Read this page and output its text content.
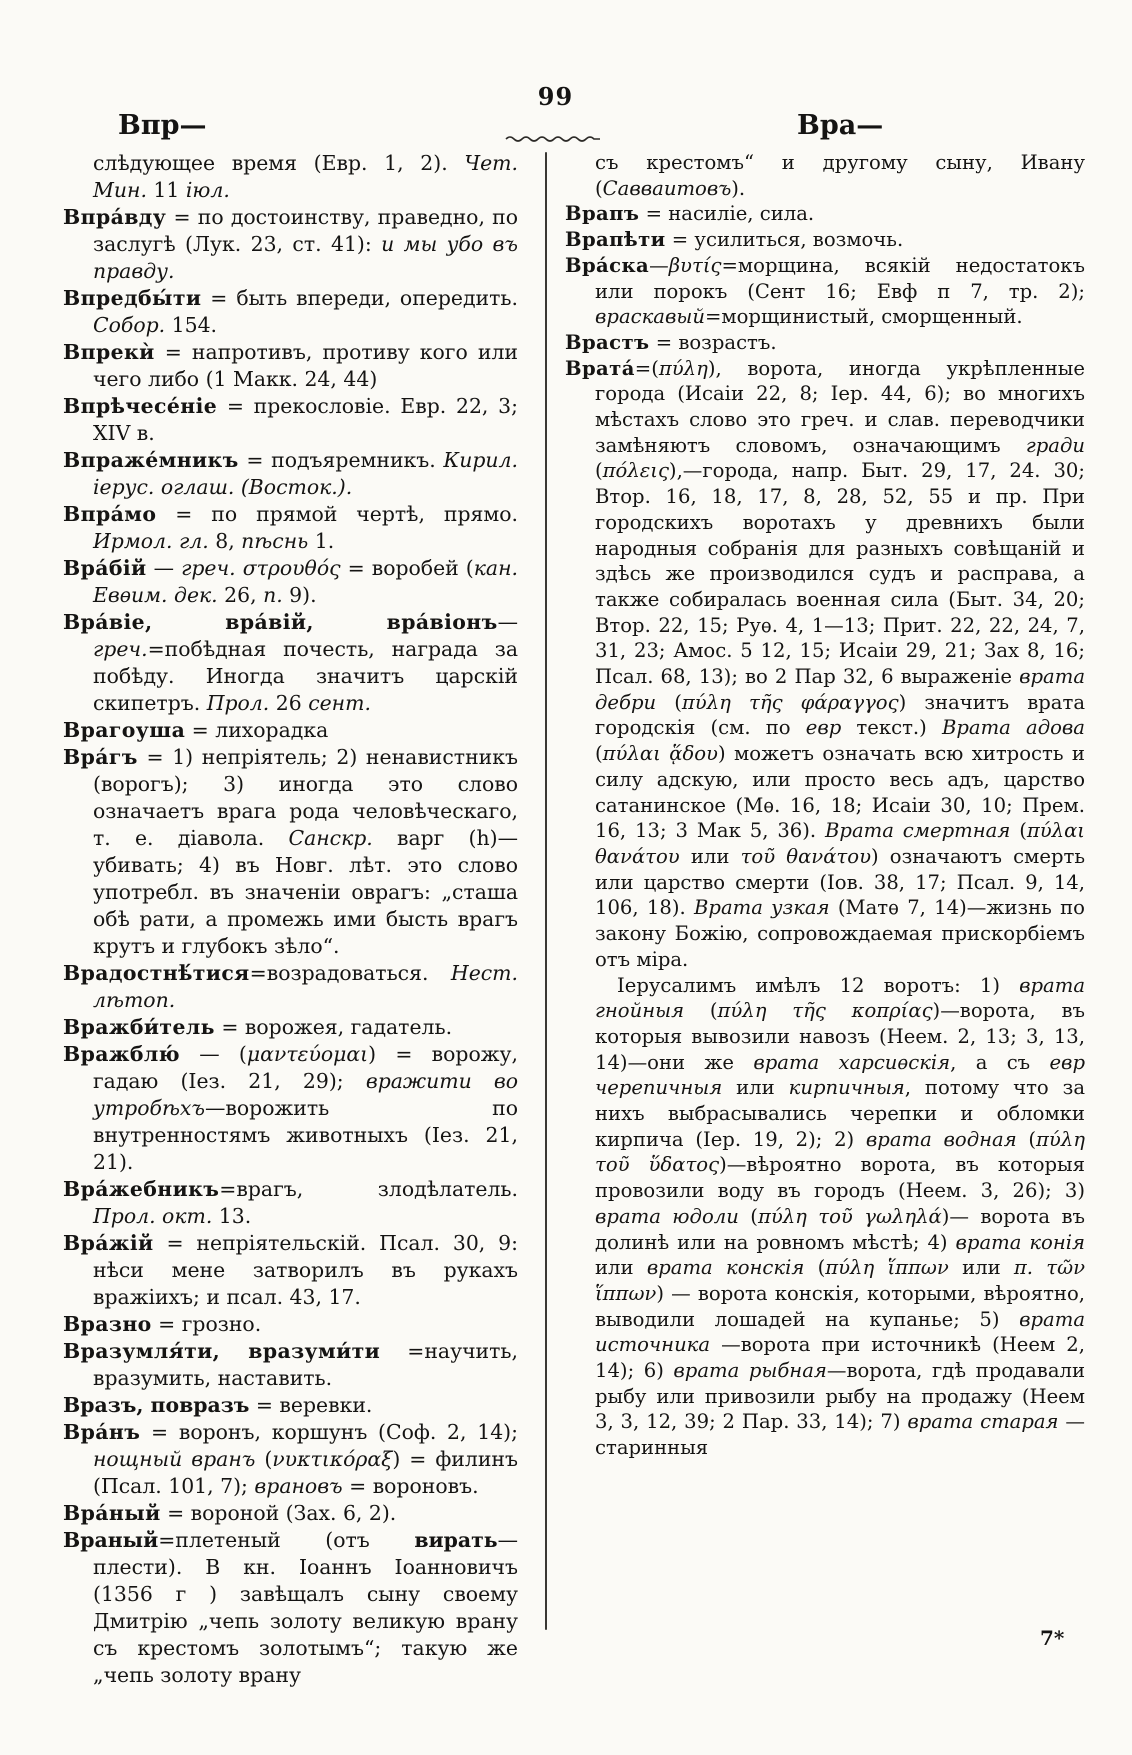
99
Впр—	Вра—

слѣдующее время (Евр. 1, 2). Чет. Мин. 11 іюл.

Впра́вду = по достоинству, праведно, по заслугѣ (Лук. 23, ст. 41): и мы убо въ правду.

Впредбы́ти = быть впереди, опередить. Собор. 154.

Впрекѝ = напротивъ, противу кого или чего либо (1 Макк. 24, 44)

Впрѣчесе́ніе = прекословіе. Евр. 22, 3; XIV в.

Впраже́мникъ = подъяремникъ. Кирил. іерус. оглаш. (Восток.).

Впра́мо = по прямой чертѣ, прямо. Ирмол. гл. 8, пѣснь 1.

Вра́бій — греч. στρουθός = воробей (кан. Евѳим. дек. 26, п. 9).

Вра́віе, вра́вій, вра́віонъ—греч.=побѣдная почесть, награда за побѣду. Иногда значитъ царскій скипетръ. Прол. 26 сент.

Врагоуша = лихорадка

Вра́гъ = 1) непріятель; 2) ненавистникъ (ворогъ); 3) иногда это слово означаетъ врага рода человѣческаго, т. е. діавола. Санскр. варг (h)—убивать; 4) въ Новг. лѣт. это слово употребл. въ значеніи оврагъ: „сташа обѣ рати, а промежь ими бысть врагъ крутъ и глубокъ зѣло“.

Врадостнѣ́тися=возрадоваться. Нест. лѣтоп.

Вражби́тель = ворожея, гадатель.

Вражблю́ — (μαντεύομαι) = ворожу, гадаю (Іез. 21, 29); вражити во утробѣхъ—ворожить по внутренностямъ животныхъ (Іез. 21, 21).

Вра́жебникъ=врагъ, злодѣлатель. Прол. окт. 13.

Вра́жій = непріятельскій. Псал. 30, 9: нѣси мене затворилъ въ рукахъ вражіихъ; и псал. 43, 17.

Вразно = грозно.

Вразумля́ти, вразуми́ти =научить, вразумить, наставить.

Вразъ, повразъ = веревки.

Вра́нъ = воронъ, коршунъ (Соф. 2, 14); нощный вранъ (νυκτικόραξ) = филинъ (Псал. 101, 7); врановъ = вороновъ.

Вра́ный = вороной (Зах. 6, 2).

Враный=плетеный (отъ вирать—плести). В кн. Іоаннъ Іоанновичъ (1356 г ) завѣщалъ сыну своему Дмитрію „чепь золоту великую врану съ крестомъ золотымъ“; такую же „чепь золоту врану

съ крестомъ“ и другому сыну, Ивану (Савваитовъ).

Врапъ = насиліе, сила.

Врапѣти = усилиться, возмочь.

Вра́ска—βυτίς=морщина, всякій недостатокъ или порокъ (Сент 16; Евф п 7, тр. 2); враскавый=морщинистый, сморщенный.

Врастъ = возрастъ.

Врата́=(πύλη), ворота, иногда укрѣпленные города (Исаіи 22, 8; Іер. 44, 6); во многихъ мѣстахъ слово это греч. и слав. переводчики замѣняютъ словомъ, означающимъ гради (πόλεις),—города, напр. Быт. 29, 17, 24. 30; Втор. 16, 18, 17, 8, 28, 52, 55 и пр. При городскихъ воротахъ у древнихъ были народныя собранія для разныхъ совѣщаній и здѣсь же производился судъ и расправа, а также собиралась военная сила (Быт. 34, 20; Втор. 22, 15; Руѳ. 4, 1—13; Прит. 22, 22, 24, 7, 31, 23; Амос. 5 12, 15; Исаіи 29, 21; Зах 8, 16; Псал. 68, 13); во 2 Пар 32, 6 выраженіе врата дебри (πύλη τῆς φάραγγος) значитъ врата городскія (см. по евр текст.) Врата адова (πύλαι ᾅδου) можетъ означать всю хитрость и силу адскую, или просто весь адъ, царство сатанинское (Мѳ. 16, 18; Исаіи 30, 10; Прем. 16, 13; 3 Мак 5, 36). Врата смертная (πύλαι θανάτου или τοῦ θανάτου) означаютъ смерть или царство смерти (Іов. 38, 17; Псал. 9, 14, 106, 18). Врата узкая (Матѳ 7, 14)—жизнь по закону Божію, сопровождаемая прискорбіемъ отъ міра.

Іерусалимъ имѣлъ 12 воротъ: 1) врата гнойныя (πύλη τῆς κοπρίας)—ворота, въ которыя вывозили навозъ (Неем. 2, 13; 3, 13, 14)—они же врата харсиѳскія, а съ евр черепичныя или кирпичныя, потому что за нихъ выбрасывались черепки и обломки кирпича (Іер. 19, 2); 2) врата водная (πύλη τοῦ ὕδατος)—вѣроятно ворота, въ которыя провозили воду въ городъ (Неем. 3, 26); 3) врата юдоли (πύλη τοῦ γωληλά)— ворота въ долинѣ или на ровномъ мѣстѣ; 4) врата конія или врата конскія (πύλη ἵππων или π. τῶν ἵππων) — ворота конскія, которыми, вѣроятно, выводили лошадей на купанье; 5) врата источника —ворота при источникѣ (Неем 2, 14); 6) врата рыбная—ворота, гдѣ продавали рыбу или привозили рыбу на продажу (Неем 3, 3, 12, 39; 2 Пар. 33, 14); 7) врата старая — старинныя

7*
